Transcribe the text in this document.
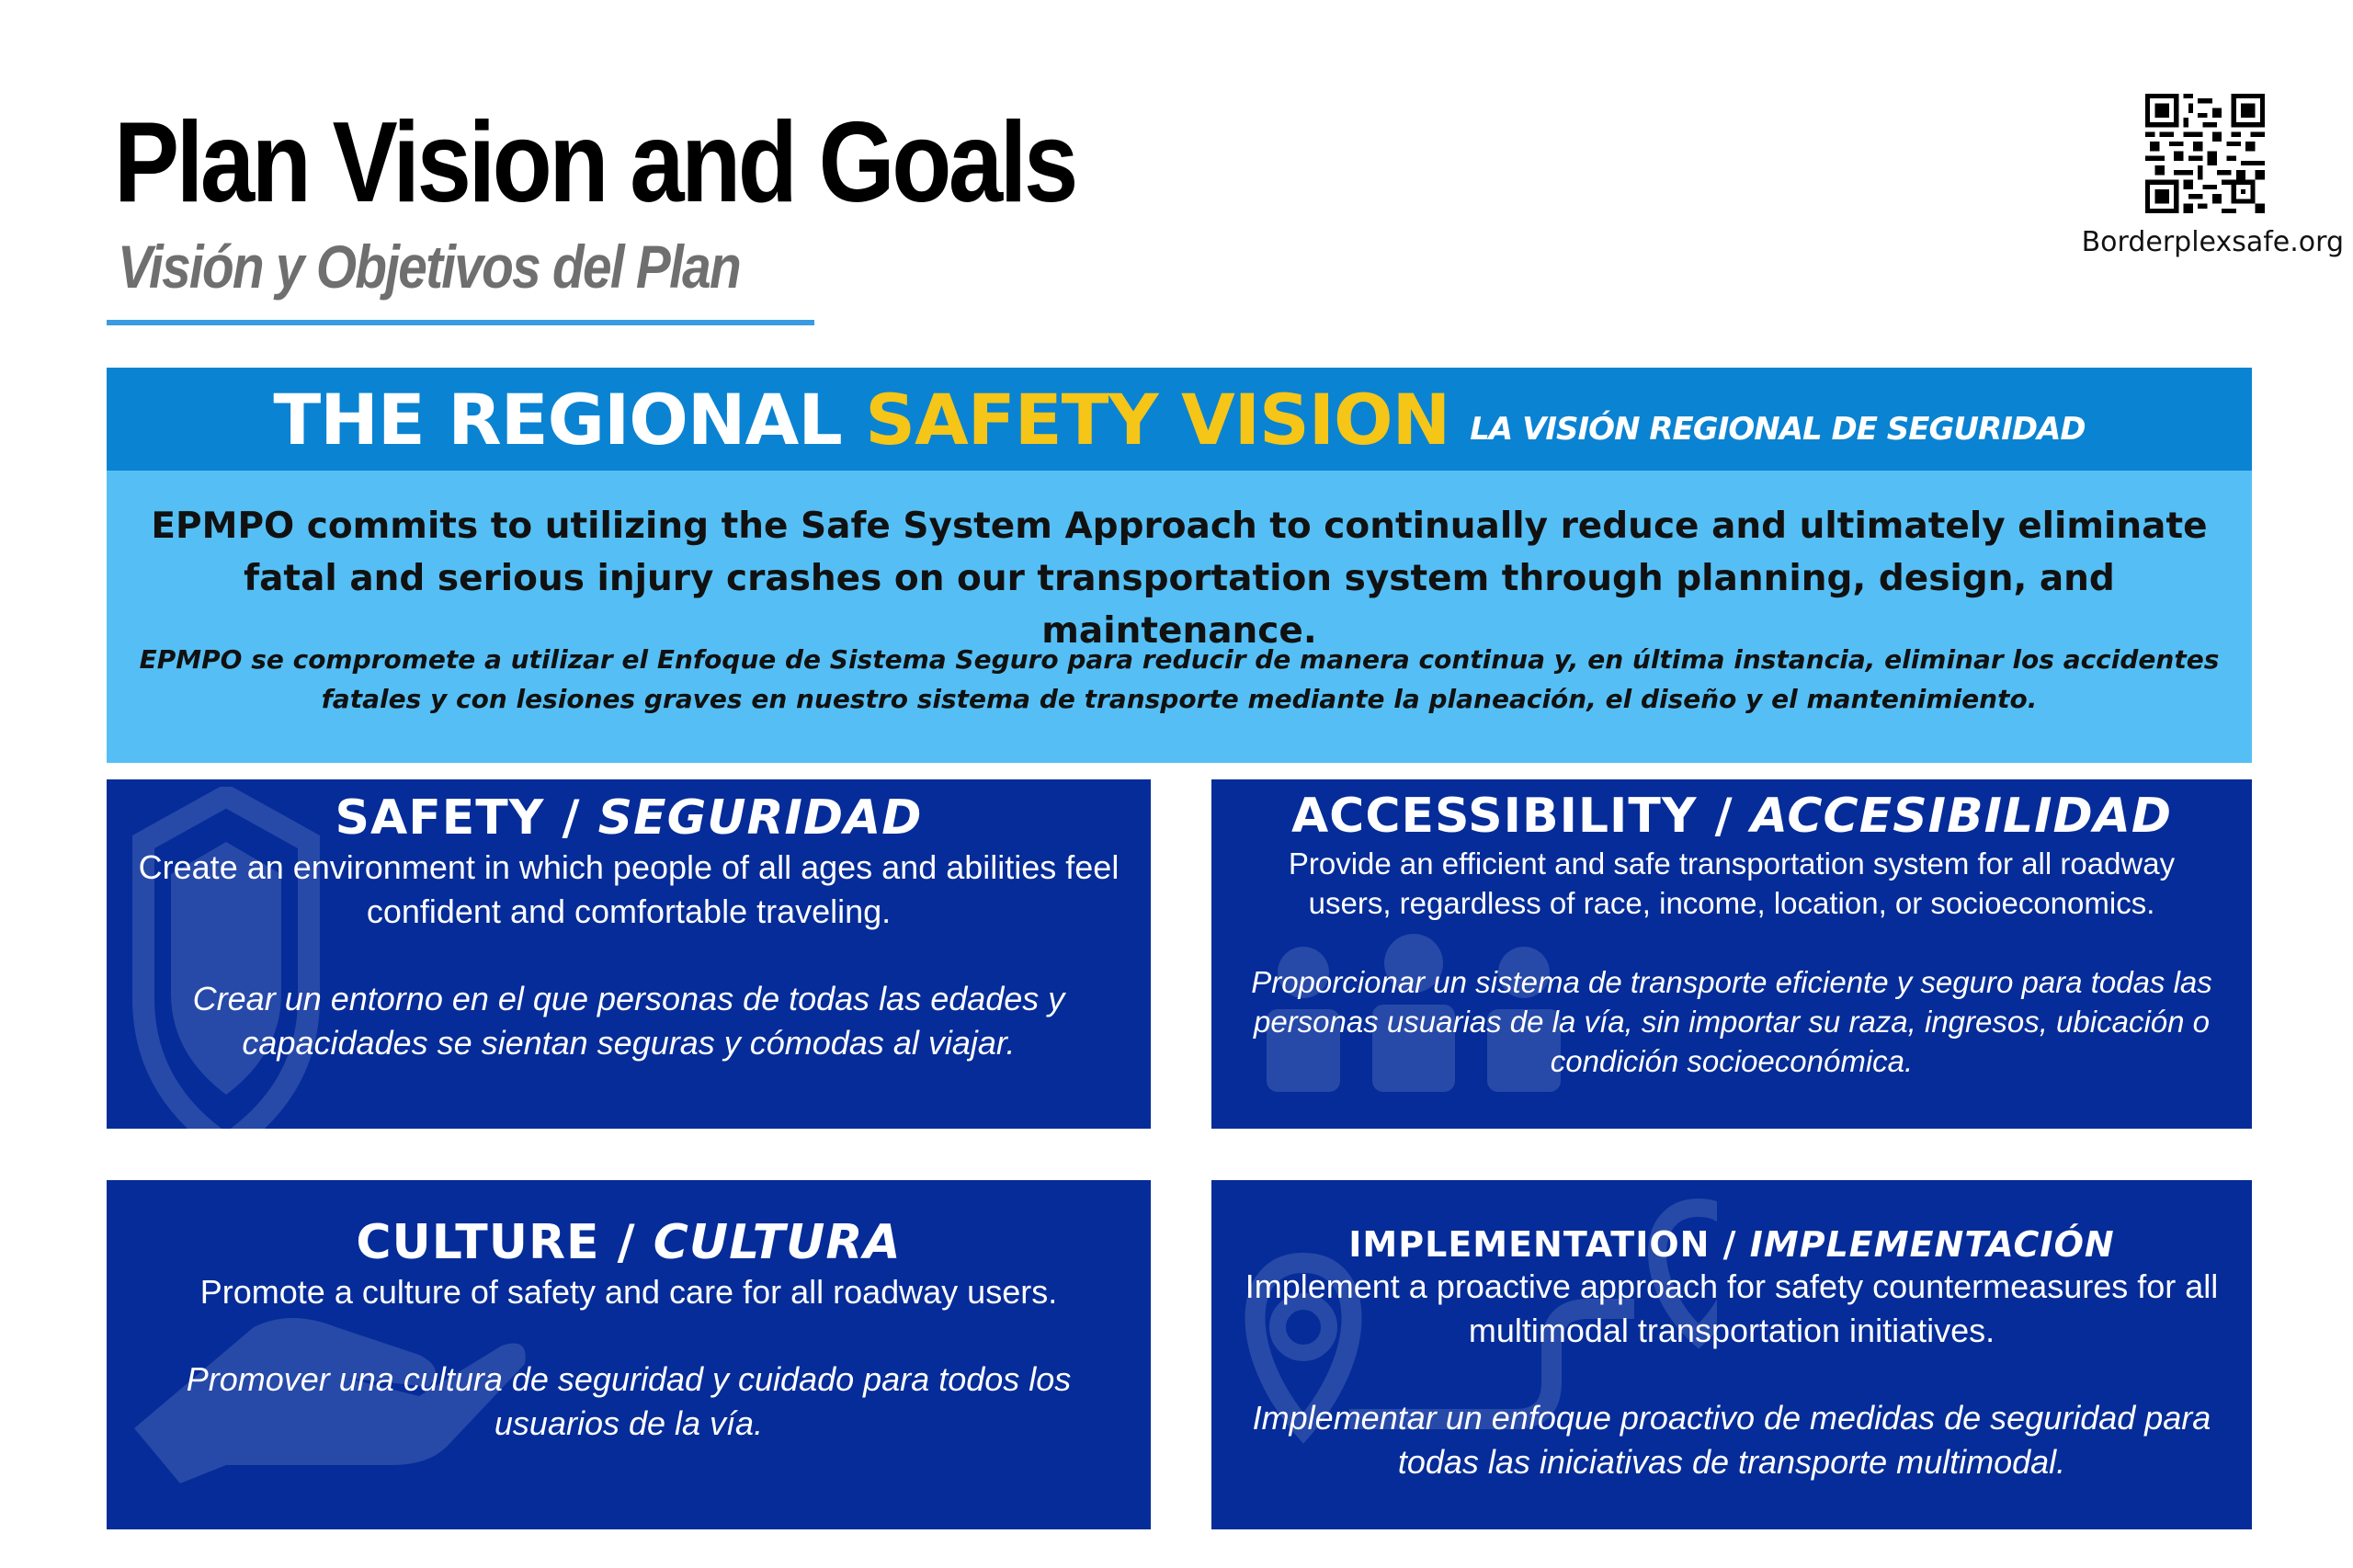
Plan Vision and Goals
Visión y Objetivos del Plan	Borderplexsafe.org
THE REGIONAL SAFETY VISION LA VISIÓN REGIONAL DE SEGURIDAD
EPMPO commits to utilizing the Safe System Approach to continually reduce and ultimately eliminate fatal and serious injury crashes on our transportation system through planning, design, and maintenance.
EPMPO se compromete a utilizar el Enfoque de Sistema Seguro para reducir de manera continua y, en última instancia, eliminar los accidentes fatales y con lesiones graves en nuestro sistema de transporte mediante la planeación, el diseño y el mantenimiento.
SAFETY / SEGURIDAD
Create an environment in which people of all ages and abilities feel confident and comfortable traveling.
Crear un entorno en el que personas de todas las edades y capacidades se sientan seguras y cómodas al viajar.
ACCESSIBILITY / ACCESIBILIDAD
Provide an efficient and safe transportation system for all roadway users, regardless of race, income, location, or socioeconomics.
Proporcionar un sistema de transporte eficiente y seguro para todas las personas usuarias de la vía, sin importar su raza, ingresos, ubicación o condición socioeconómica.
CULTURE / CULTURA
Promote a culture of safety and care for all roadway users.
Promover una cultura de seguridad y cuidado para todos los usuarios de la vía.
IMPLEMENTATION / IMPLEMENTACIÓN
Implement a proactive approach for safety countermeasures for all multimodal transportation initiatives.
Implementar un enfoque proactivo de medidas de seguridad para todas las iniciativas de transporte multimodal.
